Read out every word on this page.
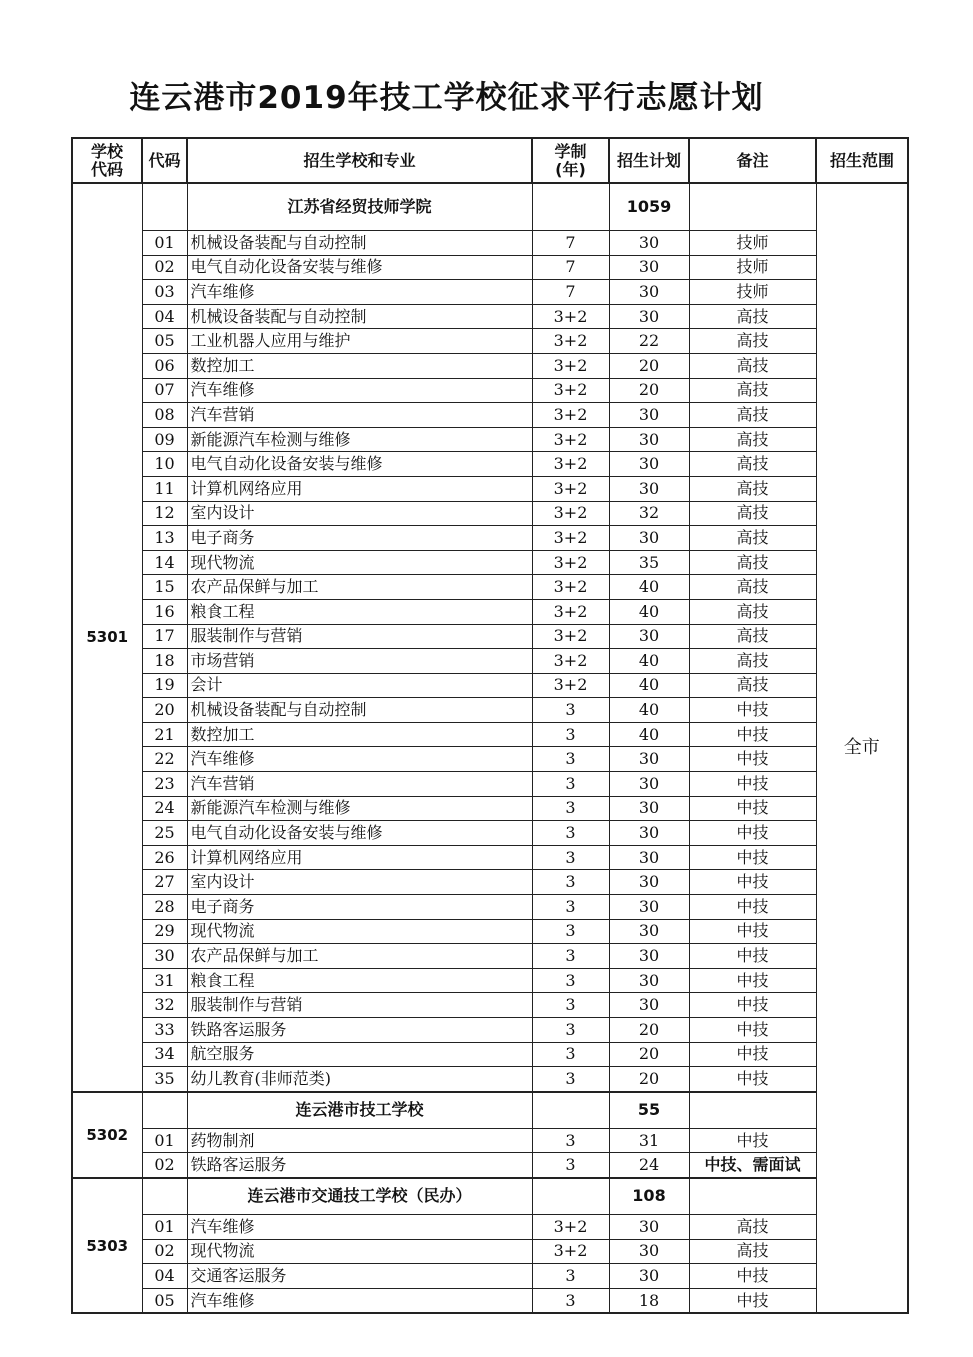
连云港市2019年技工学校征求平行志愿计划
学校代码	代码	招生学校和专业	学制(年)	招生计划	备注	招生范围
5301		江苏省经贸技师学院		1059		全市
	01	机械设备装配与自动控制	7	30	技师	
	02	电气自动化设备安装与维修	7	30	技师	
	03	汽车维修	7	30	技师	
	04	机械设备装配与自动控制	3+2	30	高技	
	05	工业机器人应用与维护	3+2	22	高技	
	06	数控加工	3+2	20	高技	
	07	汽车维修	3+2	20	高技	
	08	汽车营销	3+2	30	高技	
	09	新能源汽车检测与维修	3+2	30	高技	
	10	电气自动化设备安装与维修	3+2	30	高技	
	11	计算机网络应用	3+2	30	高技	
	12	室内设计	3+2	32	高技	
	13	电子商务	3+2	30	高技	
	14	现代物流	3+2	35	高技	
	15	农产品保鲜与加工	3+2	40	高技	
	16	粮食工程	3+2	40	高技	
	17	服装制作与营销	3+2	30	高技	
	18	市场营销	3+2	40	高技	
	19	会计	3+2	40	高技	
	20	机械设备装配与自动控制	3	40	中技	
	21	数控加工	3	40	中技	
	22	汽车维修	3	30	中技	
	23	汽车营销	3	30	中技	
	24	新能源汽车检测与维修	3	30	中技	
	25	电气自动化设备安装与维修	3	30	中技	
	26	计算机网络应用	3	30	中技	
	27	室内设计	3	30	中技	
	28	电子商务	3	30	中技	
	29	现代物流	3	30	中技	
	30	农产品保鲜与加工	3	30	中技	
	31	粮食工程	3	30	中技	
	32	服装制作与营销	3	30	中技	
	33	铁路客运服务	3	20	中技	
	34	航空服务	3	20	中技	
	35	幼儿教育(非师范类)	3	20	中技	
5302		连云港市技工学校		55		
	01	药物制剂	3	31	中技	
	02	铁路客运服务	3	24	中技、需面试	
5303		连云港市交通技工学校（民办）		108		
	01	汽车维修	3+2	30	高技	
	02	现代物流	3+2	30	高技	
	04	交通客运服务	3	30	中技	
	05	汽车维修	3	18	中技	
